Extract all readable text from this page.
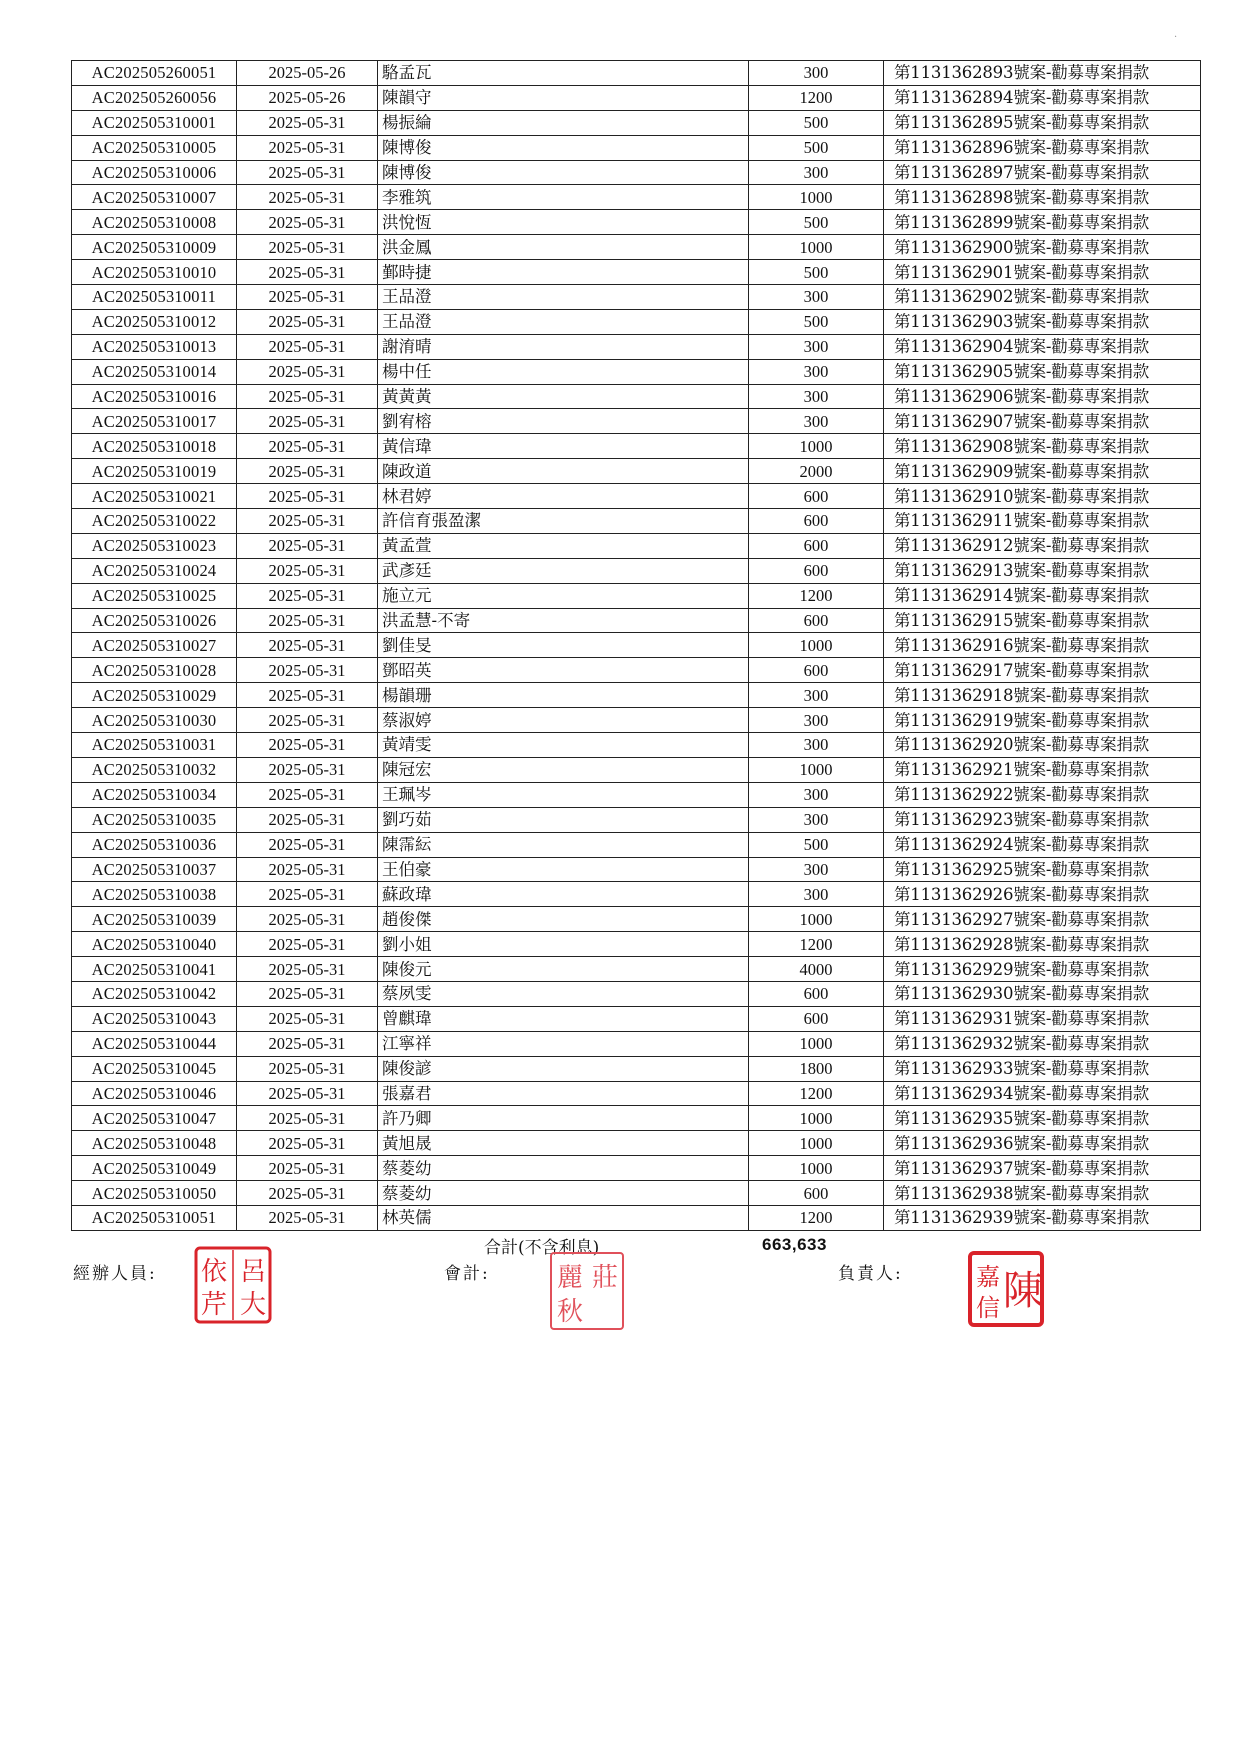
·
AC202505260051	2025-05-26	駱孟瓦	300	第1131362893號案-勸募專案捐款
AC202505260056	2025-05-26	陳韻守	1200	第1131362894號案-勸募專案捐款
AC202505310001	2025-05-31	楊振綸	500	第1131362895號案-勸募專案捐款
AC202505310005	2025-05-31	陳博俊	500	第1131362896號案-勸募專案捐款
AC202505310006	2025-05-31	陳博俊	300	第1131362897號案-勸募專案捐款
AC202505310007	2025-05-31	李雅筑	1000	第1131362898號案-勸募專案捐款
AC202505310008	2025-05-31	洪悅恆	500	第1131362899號案-勸募專案捐款
AC202505310009	2025-05-31	洪金鳳	1000	第1131362900號案-勸募專案捐款
AC202505310010	2025-05-31	鄞時捷	500	第1131362901號案-勸募專案捐款
AC202505310011	2025-05-31	王品澄	300	第1131362902號案-勸募專案捐款
AC202505310012	2025-05-31	王品澄	500	第1131362903號案-勸募專案捐款
AC202505310013	2025-05-31	謝淯晴	300	第1131362904號案-勸募專案捐款
AC202505310014	2025-05-31	楊中任	300	第1131362905號案-勸募專案捐款
AC202505310016	2025-05-31	黃黃黃	300	第1131362906號案-勸募專案捐款
AC202505310017	2025-05-31	劉宥榕	300	第1131362907號案-勸募專案捐款
AC202505310018	2025-05-31	黃信瑋	1000	第1131362908號案-勸募專案捐款
AC202505310019	2025-05-31	陳政道	2000	第1131362909號案-勸募專案捐款
AC202505310021	2025-05-31	林君婷	600	第1131362910號案-勸募專案捐款
AC202505310022	2025-05-31	許信育張盈潔	600	第1131362911號案-勸募專案捐款
AC202505310023	2025-05-31	黃孟萱	600	第1131362912號案-勸募專案捐款
AC202505310024	2025-05-31	武彥廷	600	第1131362913號案-勸募專案捐款
AC202505310025	2025-05-31	施立元	1200	第1131362914號案-勸募專案捐款
AC202505310026	2025-05-31	洪孟慧-不寄	600	第1131362915號案-勸募專案捐款
AC202505310027	2025-05-31	劉佳旻	1000	第1131362916號案-勸募專案捐款
AC202505310028	2025-05-31	鄧昭英	600	第1131362917號案-勸募專案捐款
AC202505310029	2025-05-31	楊韻珊	300	第1131362918號案-勸募專案捐款
AC202505310030	2025-05-31	蔡淑婷	300	第1131362919號案-勸募專案捐款
AC202505310031	2025-05-31	黃靖雯	300	第1131362920號案-勸募專案捐款
AC202505310032	2025-05-31	陳冠宏	1000	第1131362921號案-勸募專案捐款
AC202505310034	2025-05-31	王珮岑	300	第1131362922號案-勸募專案捐款
AC202505310035	2025-05-31	劉巧茹	300	第1131362923號案-勸募專案捐款
AC202505310036	2025-05-31	陳霈紜	500	第1131362924號案-勸募專案捐款
AC202505310037	2025-05-31	王伯豪	300	第1131362925號案-勸募專案捐款
AC202505310038	2025-05-31	蘇政瑋	300	第1131362926號案-勸募專案捐款
AC202505310039	2025-05-31	趙俊傑	1000	第1131362927號案-勸募專案捐款
AC202505310040	2025-05-31	劉小姐	1200	第1131362928號案-勸募專案捐款
AC202505310041	2025-05-31	陳俊元	4000	第1131362929號案-勸募專案捐款
AC202505310042	2025-05-31	蔡夙雯	600	第1131362930號案-勸募專案捐款
AC202505310043	2025-05-31	曾麒瑋	600	第1131362931號案-勸募專案捐款
AC202505310044	2025-05-31	江寧祥	1000	第1131362932號案-勸募專案捐款
AC202505310045	2025-05-31	陳俊諺	1800	第1131362933號案-勸募專案捐款
AC202505310046	2025-05-31	張嘉君	1200	第1131362934號案-勸募專案捐款
AC202505310047	2025-05-31	許乃卿	1000	第1131362935號案-勸募專案捐款
AC202505310048	2025-05-31	黃旭晟	1000	第1131362936號案-勸募專案捐款
AC202505310049	2025-05-31	蔡菱幼	1000	第1131362937號案-勸募專案捐款
AC202505310050	2025-05-31	蔡菱幼	600	第1131362938號案-勸募專案捐款
AC202505310051	2025-05-31	林英儒	1200	第1131362939號案-勸募專案捐款
合計(不含利息)	663,633
經辦人員:	會計:	負責人:
呂
大
依
芹
莊
麗
秋	陳
嘉
信
